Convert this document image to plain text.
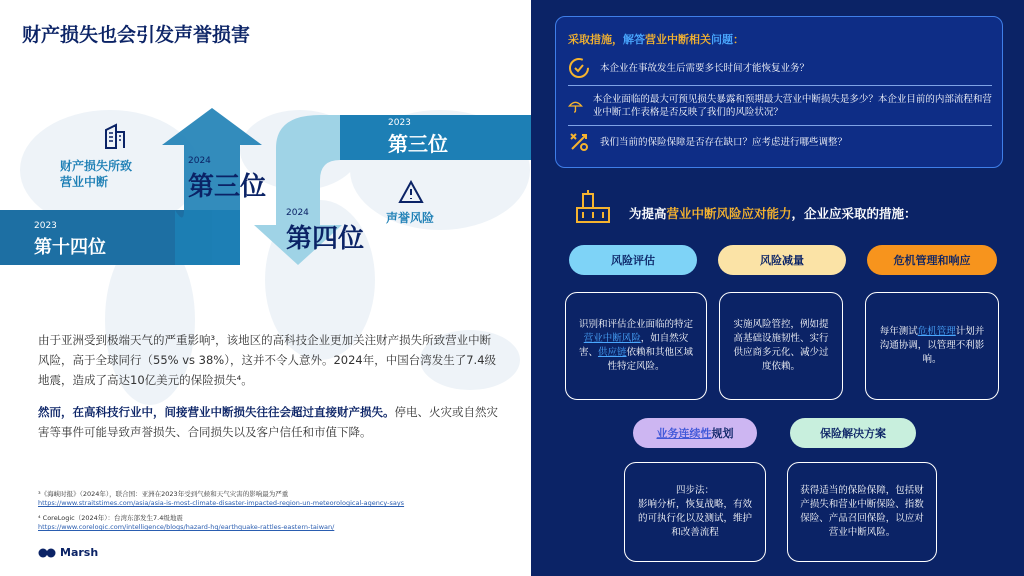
财产损失也会引发声誉损害
2023
第十四位
2024
第三位
2024
第四位
2023
第三位
财产损失所致
营业中断
声誉风险
由于亚洲受到极端天气的严重影响³，该地区的高科技企业更加关注财产损失所致营业中断风险，高于全球同行（55% vs 38%），这并不令人意外。2024年，中国台湾发生了7.4级地震，造成了高达10亿美元的保险损失⁴。
然而，在高科技行业中，间接营业中断损失往往会超过直接财产损失。停电、火灾或自然灾害等事件可能导致声誉损失、合同损失以及客户信任和市值下降。
³《海峡时报》（2024年），联合国：亚洲在2023年受到气候和天气灾害的影响最为严重
https://www.straitstimes.com/asia/asia-is-most-climate-disaster-impacted-region-un-meteorological-agency-says
⁴ CoreLogic（2024年）：台湾东部发生7.4级地震
https://www.corelogic.com/intelligence/blogs/hazard-hq/earthquake-rattles-eastern-taiwan/
Marsh
采取措施，解答营业中断相关问题：
本企业在事故发生后需要多长时间才能恢复业务？
本企业面临的最大可预见损失暴露和预期最大营业中断损失是多少？本企业目前的内部流程和营业中断工作表格是否反映了我们的风险状况？
我们当前的保险保障是否存在缺口？应考虑进行哪些调整？
为提高营业中断风险应对能力，企业应采取的措施：
风险评估	风险减量	危机管理和响应
识别和评估企业面临的特定营业中断风险，如自然灾害、供应链依赖和其他区域性特定风险。
实施风险管控，例如提高基础设施韧性、实行供应商多元化、减少过度依赖。
每年测试危机管理计划并沟通协调，以管理不利影响。
业务连续性 规划	保险解决方案
四步法：
影响分析，恢复战略，有效的可执行化以及测试，维护和改善流程
获得适当的保险保障，包括财产损失和营业中断保险、指数保险、产品召回保险，以应对营业中断风险。
